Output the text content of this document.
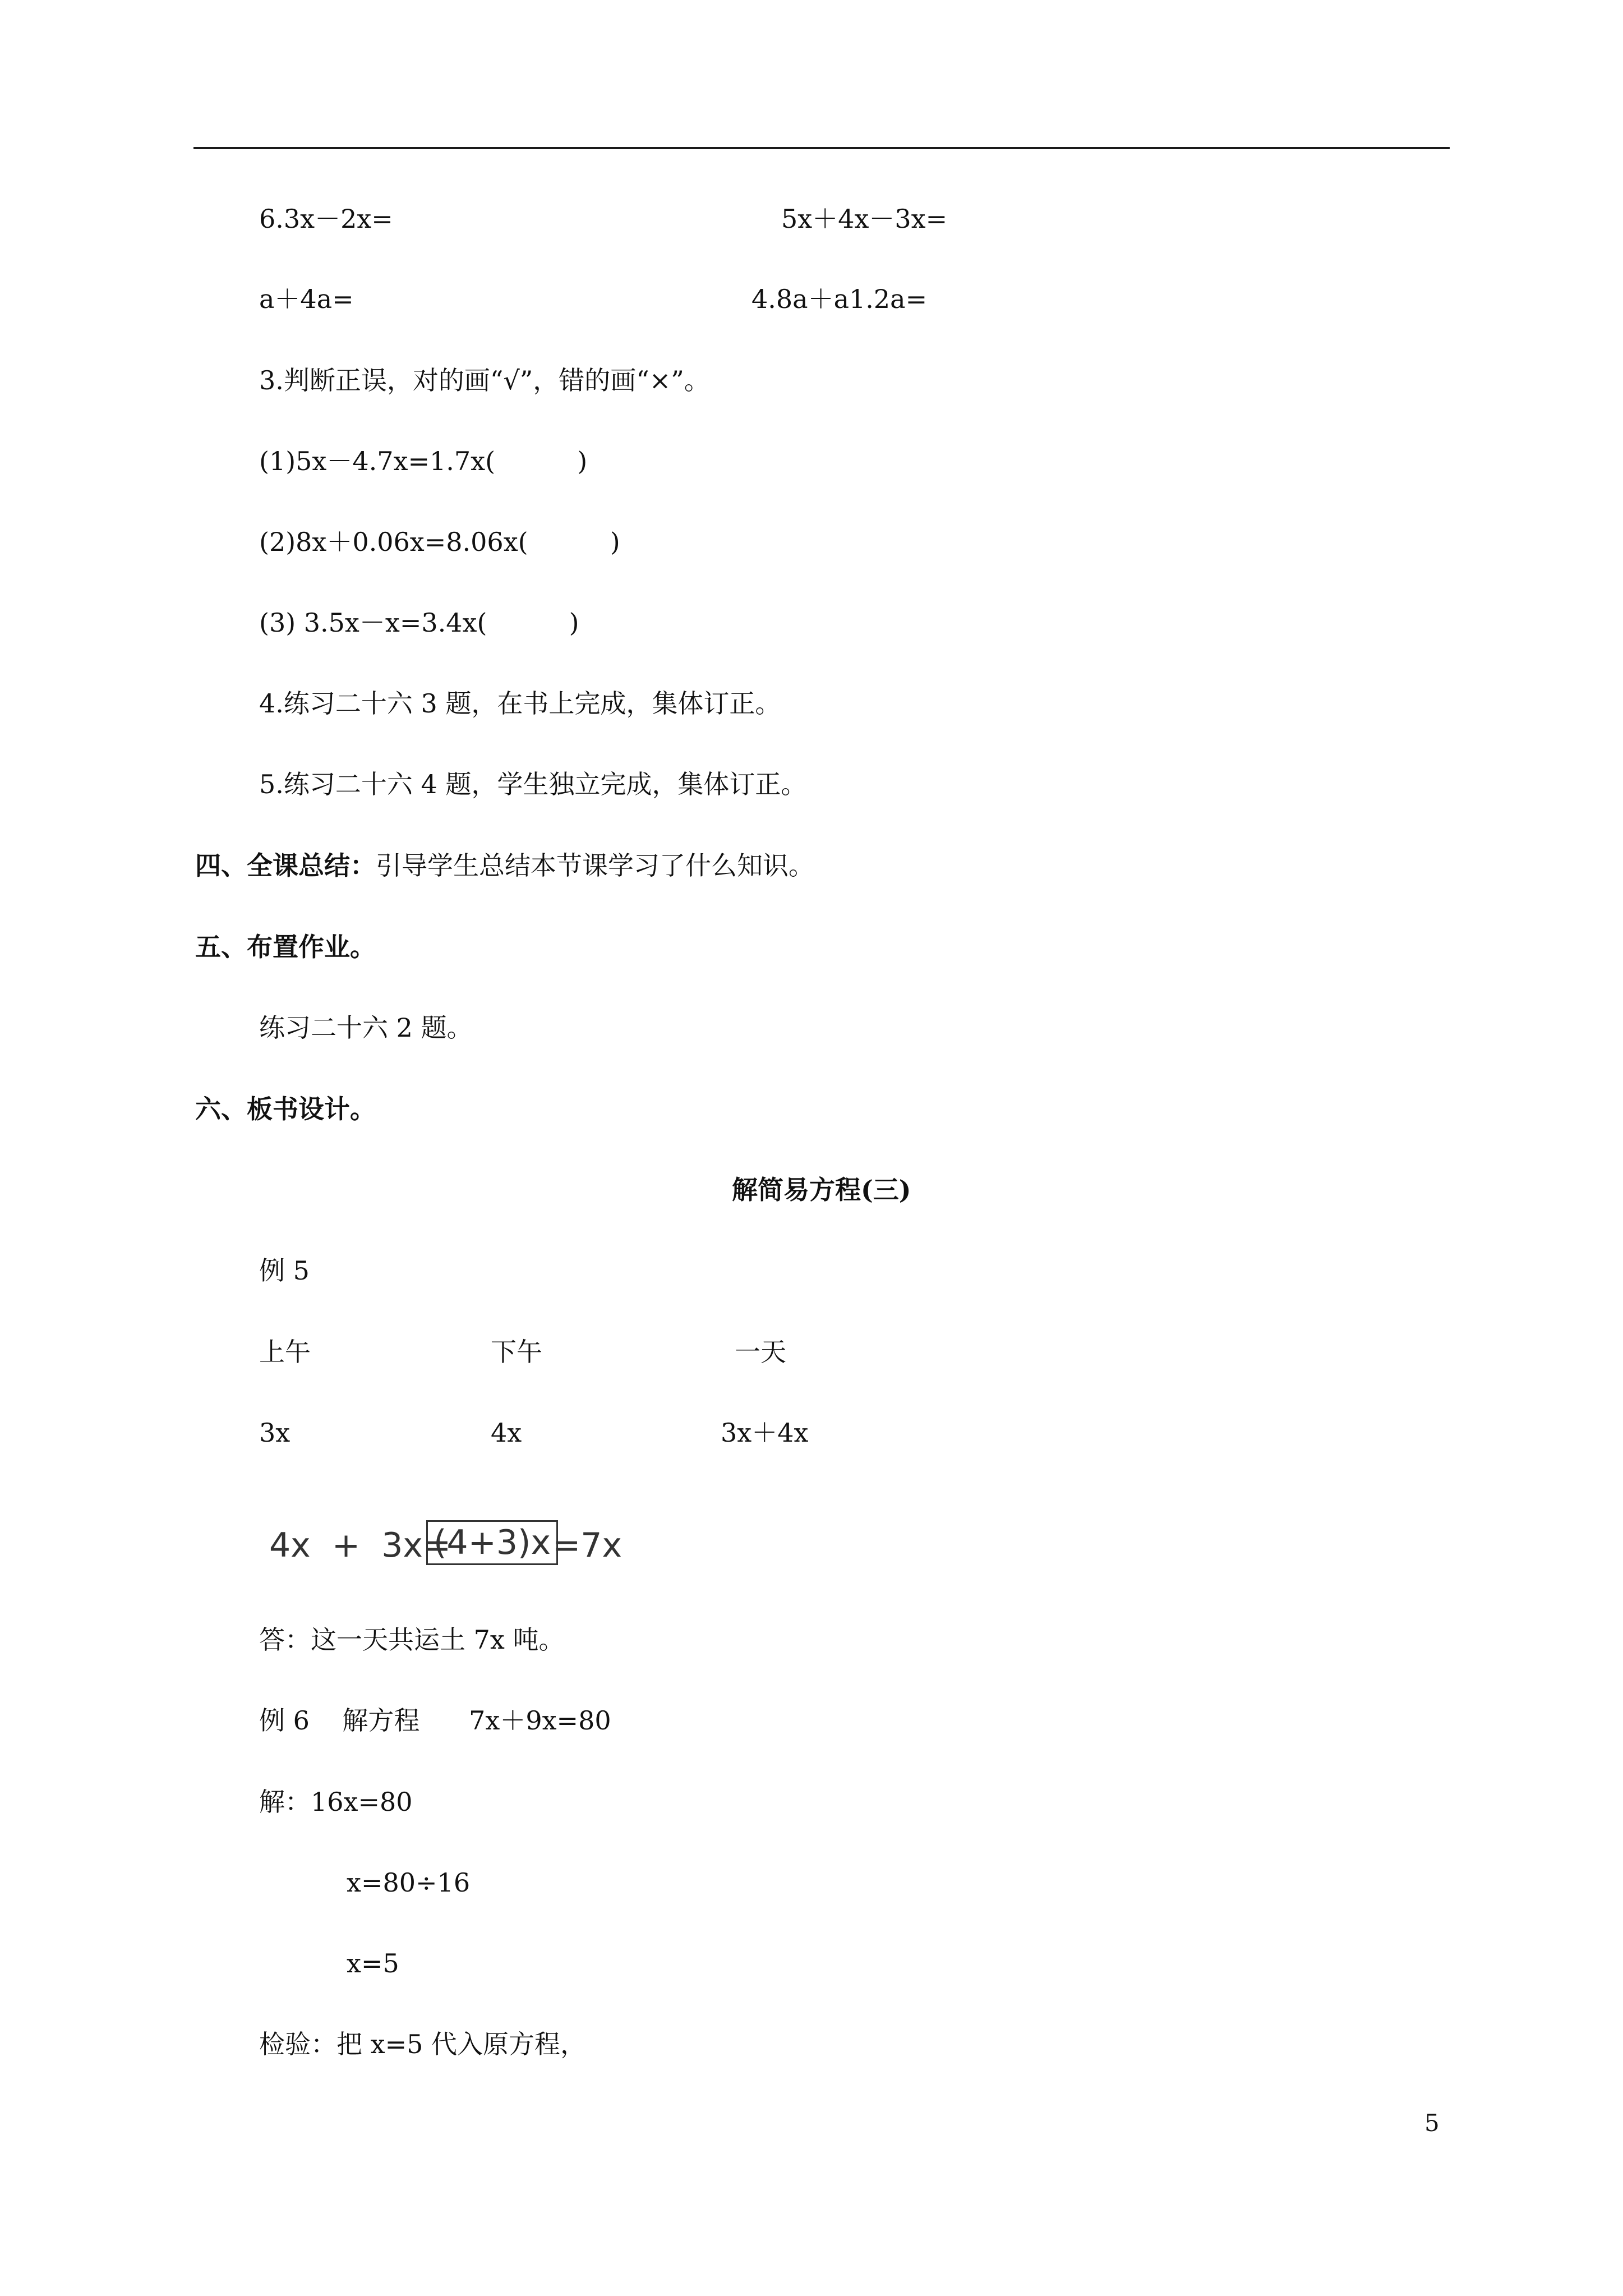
6.3x－2x=	5x＋4x－3x=
a＋4a=	4.8a＋a1.2a=
3.判断正误，对的画“√”，错的画“×”。
(1)5x－4.7x=1.7x(          )
(2)8x＋0.06x=8.06x(          )
(3) 3.5x－x=3.4x(          )
4.练习二十六 3 题，在书上完成，集体订正。
5.练习二十六 4 题，学生独立完成，集体订正。
四、全课总结：引导学生总结本节课学习了什么知识。
五、布置作业。
练习二十六 2 题。
六、板书设计。
解简易方程(三)
例 5
上午	下午	一天
3x	4x	3x＋4x
4x  +  3x=
(4+3)x =7x
答：这一天共运土 7x 吨。
例 6    解方程      7x＋9x=80
解：16x=80
x=80÷16
x=5
检验：把 x=5 代入原方程，
5
